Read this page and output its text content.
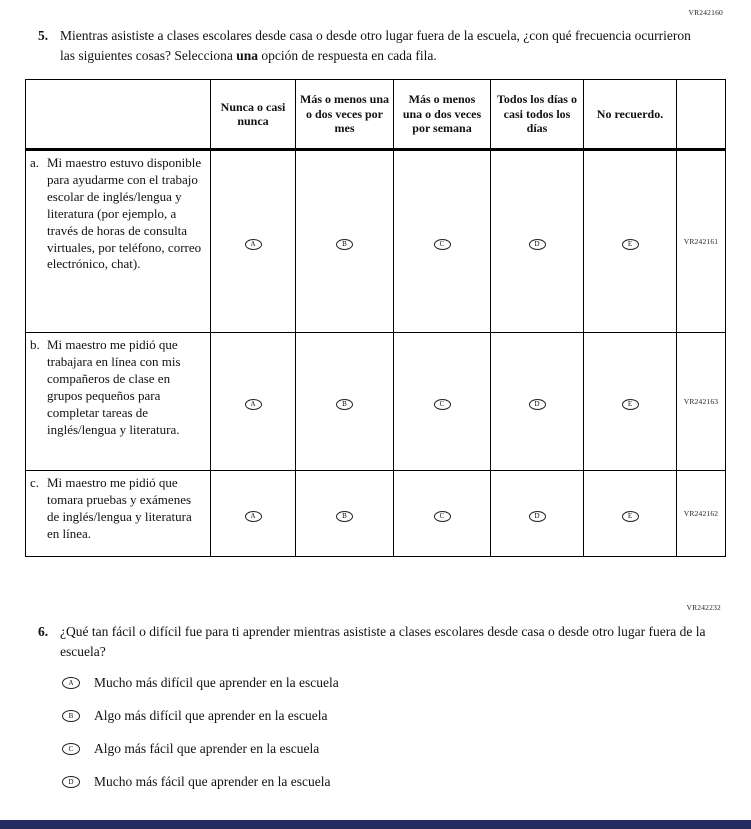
VR242160
5. Mientras asististe a clases escolares desde casa o desde otro lugar fuera de la escuela, ¿con qué frecuencia ocurrieron las siguientes cosas? Selecciona una opción de respuesta en cada fila.
	Nunca o casi nunca	Más o menos una o dos veces por mes	Más o menos una o dos veces por semana	Todos los días o casi todos los días	No recuerdo.	

a. Mi maestro estuvo disponible para ayudarme con el trabajo escolar de inglés/lengua y literatura (por ejemplo, a través de horas de consulta virtuales, por teléfono, correo electrónico, chat).	A	B	C	D	E	VR242161

b. Mi maestro me pidió que trabajara en línea con mis compañeros de clase en grupos pequeños para completar tareas de inglés/lengua y literatura.	A	B	C	D	E	VR242163

c. Mi maestro me pidió que tomara pruebas y exámenes de inglés/lengua y literatura en línea.	A	B	C	D	E	VR242162
VR242232
6. ¿Qué tan fácil o difícil fue para ti aprender mientras asististe a clases escolares desde casa o desde otro lugar fuera de la escuela?
A	Mucho más difícil que aprender en la escuela
B	Algo más difícil que aprender en la escuela
C	Algo más fácil que aprender en la escuela
D	Mucho más fácil que aprender en la escuela
